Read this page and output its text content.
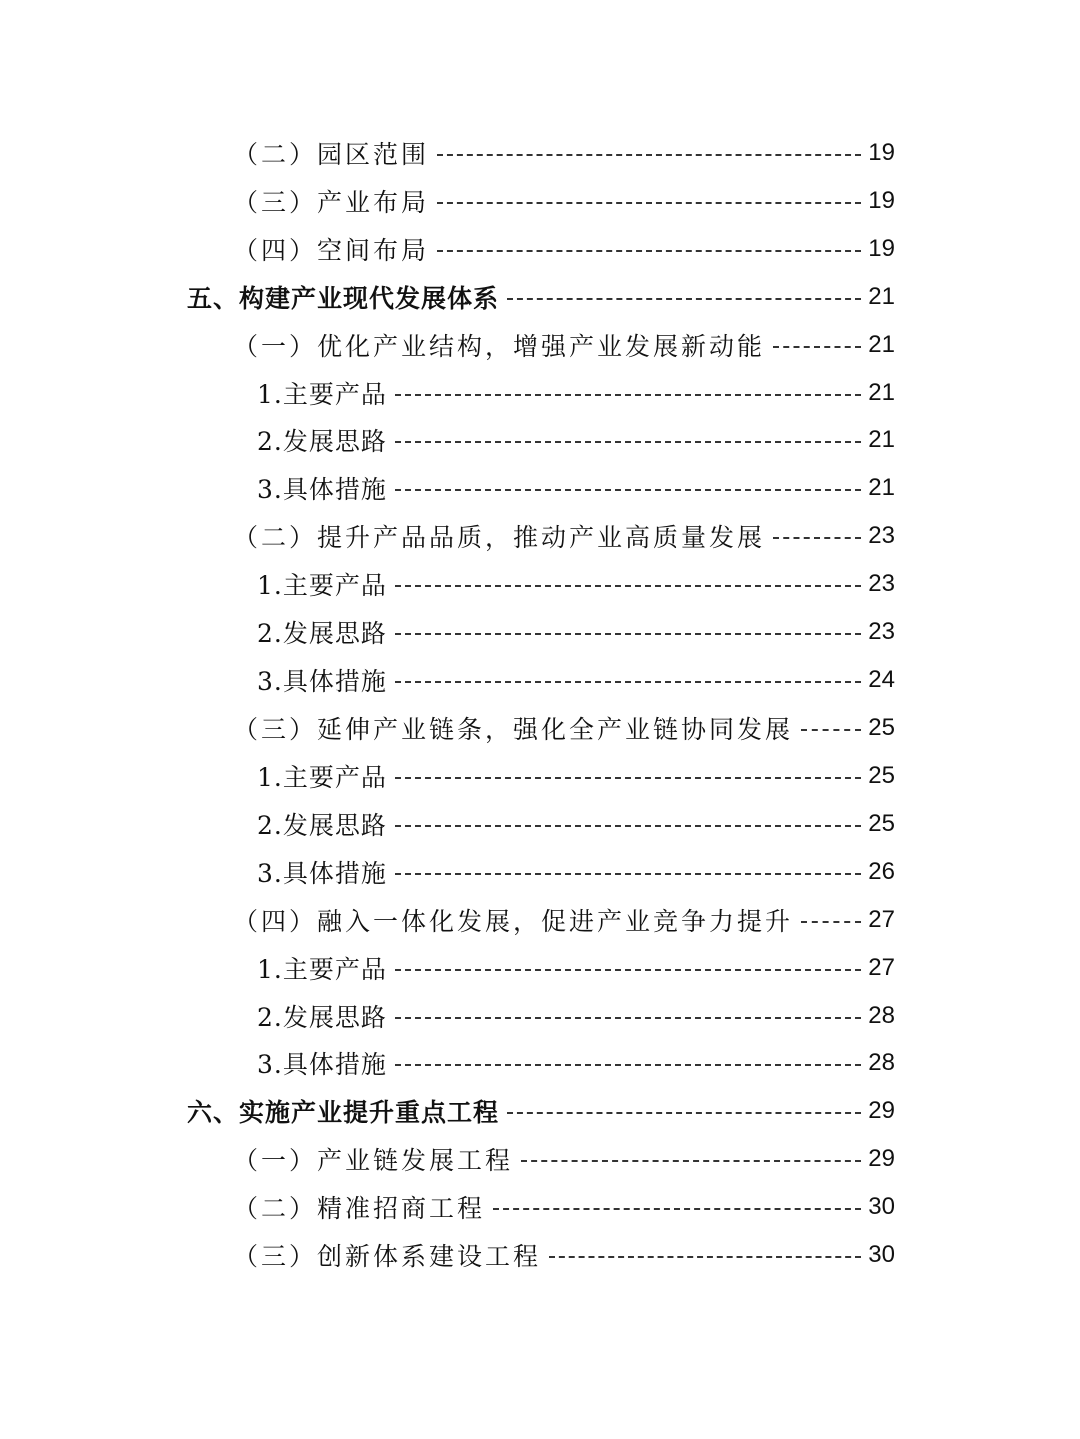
（二）园区范围	19
（三）产业布局	19
（四）空间布局	19
五、构建产业现代发展体系	21
（一）优化产业结构，增强产业发展新动能	21
1.主要产品	21
2.发展思路	21
3.具体措施	21
（二）提升产品品质，推动产业高质量发展	23
1.主要产品	23
2.发展思路	23
3.具体措施	24
（三）延伸产业链条，强化全产业链协同发展	25
1.主要产品	25
2.发展思路	25
3.具体措施	26
（四）融入一体化发展，促进产业竞争力提升	27
1.主要产品	27
2.发展思路	28
3.具体措施	28
六、实施产业提升重点工程	29
（一）产业链发展工程	29
（二）精准招商工程	30
（三）创新体系建设工程	30
